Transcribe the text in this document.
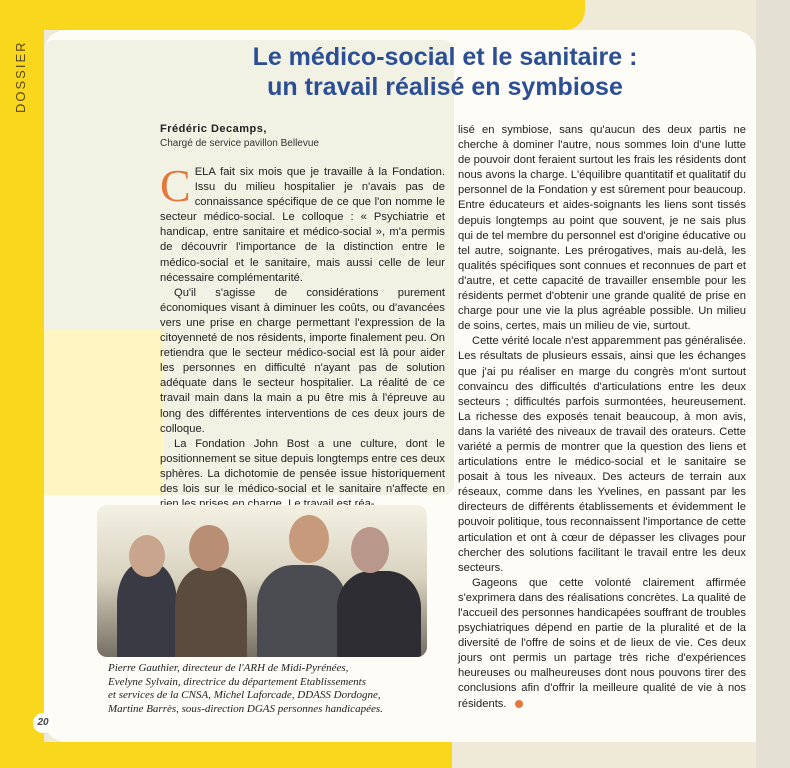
DOSSIER	Le médico-social et le sanitaire :
un travail réalisé en symbiose
Frédéric Decamps,
Chargé de service pavillon Bellevue

CELA fait six mois que je travaille à la Fondation. Issu du milieu hospitalier je n'avais pas de connaissance spécifique de ce que l'on nomme le secteur médico-social. Le colloque : « Psychiatrie et handicap, entre sanitaire et médico-social », m'a permis de découvrir l'importance de la distinction entre le médico-social et le sanitaire, mais aussi celle de leur nécessaire complémentarité.

Qu'il s'agisse de considérations purement économiques visant à diminuer les coûts, ou d'avancées vers une prise en charge permettant l'expression de la citoyenneté de nos résidents, importe finalement peu. On retiendra que le secteur médico-social est là pour aider les personnes en difficulté n'ayant pas de solution adéquate dans le secteur hospitalier. La réalité de ce travail main dans la main a pu être mis à l'épreuve au long des différentes interventions de ces deux jours de colloque.

La Fondation John Bost a une culture, dont le positionnement se situe depuis longtemps entre ces deux sphères. La dichotomie de pensée issue historiquement des lois sur le médico-social et le sanitaire n'affecte en

lisé en symbiose, sans qu'aucun des deux partis ne cherche à dominer l'autre, nous sommes loin d'une lutte de pouvoir dont feraient surtout les frais les résidents dont nous avons la charge. L'équilibre quantitatif et qualitatif du personnel de la Fondation y est sûrement pour beaucoup. Entre éducateurs et aides-soignants les liens sont tissés depuis longtemps au point que souvent, je ne sais plus qui de tel membre du personnel est d'origine éducative ou tel autre, soignante. Les prérogatives, mais au-delà, les qualités spécifiques sont connues et reconnues de part et d'autre, et cette capacité de travailler ensemble pour les résidents permet d'obtenir une grande qualité de prise en charge pour une vie la plus agréable possible. Un milieu de soins, certes, mais un milieu de vie, surtout.

Cette vérité locale n'est apparemment pas généralisée. Les résultats de plusieurs essais, ainsi que les échanges que j'ai pu réaliser en marge du congrès m'ont surtout convaincu des difficultés d'articulations entre les deux secteurs ; difficultés parfois surmontées, heureusement. La richesse des exposés tenait beaucoup, à mon avis, dans la variété des niveaux de travail des orateurs. Cette variété a permis de montrer que la question des liens et articulations entre le médico-social et le sanitaire se posait à tous les niveaux. Des acteurs de terrain aux réseaux, comme dans les Yvelines, en passant par les directeurs de différents établissements et évidemment le pouvoir politique, tous reconnaissent l'importance de cette articulation et ont à cœur de dépasser les clivages pour chercher des solutions facilitant le travail entre les deux secteurs.

Gageons que cette volonté clairement affirmée s'exprimera dans des réalisations concrètes. La qualité de l'accueil des personnes handicapées souffrant de troubles psychiatriques dépend en partie de la pluralité et de la diversité de l'offre de soins et de lieux de vie. Ces deux jours ont permis un partage très riche d'expériences heureuses ou malheureuses dont nous pouvons tirer des conclusions afin d'offrir la meilleure qualité de vie à nos résidents.

Pierre Gauthier, directeur de l'ARH de Midi-Pyrénées,
Evelyne Sylvain, directrice du département Etablissements
et services de la CNSA, Michel Laforcade, DDASS Dordogne,
Martine Barrès, sous-direction DGAS personnes handicapées.
20
